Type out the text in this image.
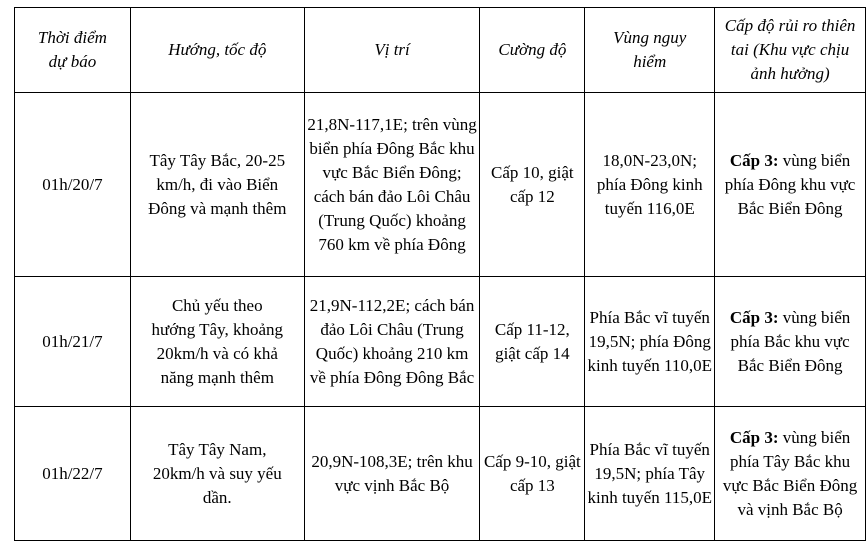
Thời điểm dự báo	Hướng, tốc độ	Vị trí	Cường độ	Vùng nguy hiểm	Cấp độ rủi ro thiên tai (Khu vực chịu ảnh hưởng)
01h/20/7	Tây Tây Bắc, 20-25 km/h, đi vào Biển Đông và mạnh thêm	21,8N-117,1E; trên vùng biển phía Đông Bắc khu vực Bắc Biển Đông; cách bán đảo Lôi Châu (Trung Quốc) khoảng 760 km về phía Đông	Cấp 10, giật cấp 12	18,0N-23,0N; phía Đông kinh tuyến 116,0E	Cấp 3: vùng biển phía Đông khu vực Bắc Biển Đông
01h/21/7	Chủ yếu theo hướng Tây, khoảng 20km/h và có khả năng mạnh thêm	21,9N-112,2E; cách bán đảo Lôi Châu (Trung Quốc) khoảng 210 km về phía Đông Đông Bắc	Cấp 11-12, giật cấp 14	Phía Bắc vĩ tuyến 19,5N; phía Đông kinh tuyến 110,0E	Cấp 3: vùng biển phía Bắc khu vực Bắc Biển Đông
01h/22/7	Tây Tây Nam, 20km/h và suy yếu dần.	20,9N-108,3E; trên khu vực vịnh Bắc Bộ	Cấp 9-10, giật cấp 13	Phía Bắc vĩ tuyến 19,5N; phía Tây kinh tuyến 115,0E	Cấp 3: vùng biển phía Tây Bắc khu vực Bắc Biển Đông và vịnh Bắc Bộ
